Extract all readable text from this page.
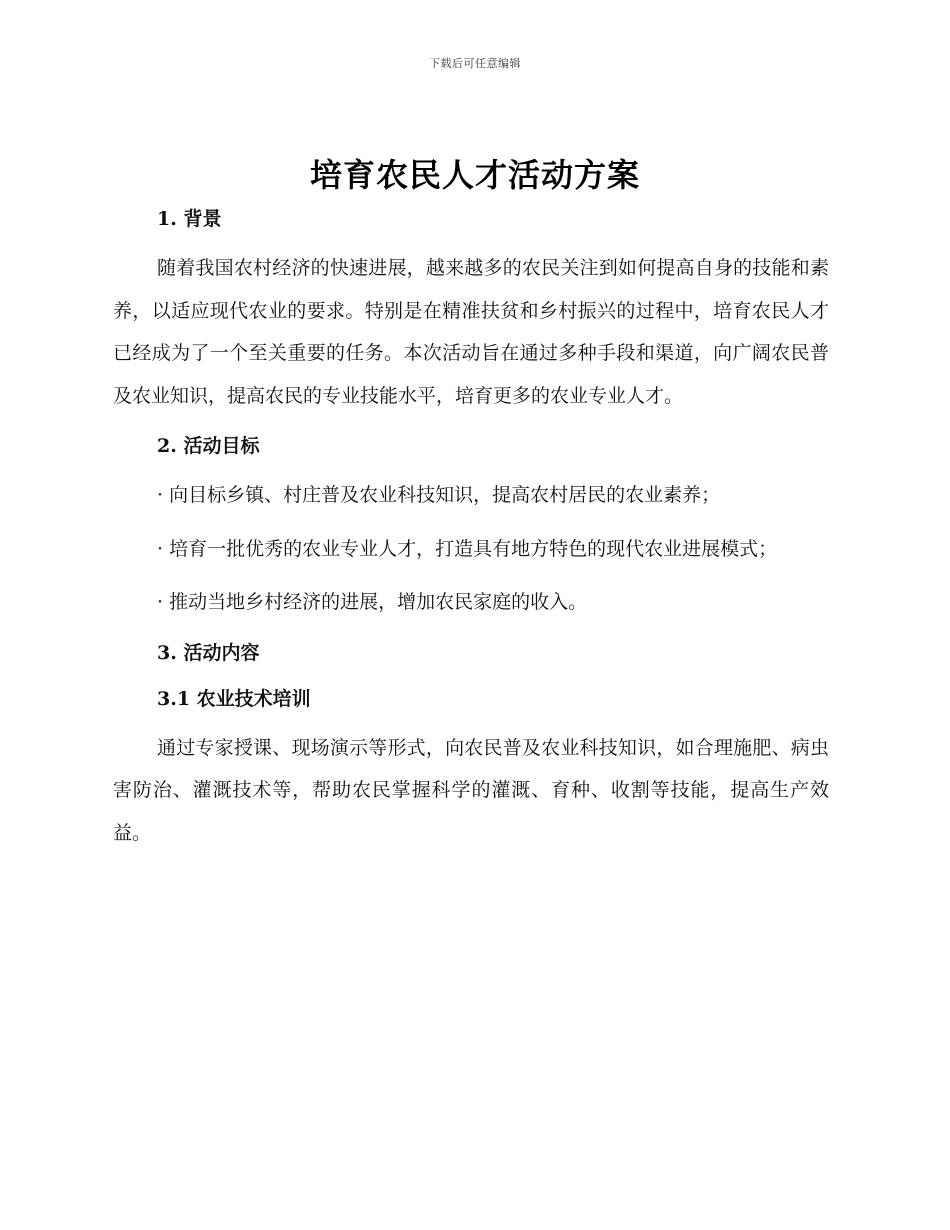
下载后可任意编辑
培育农民人才活动方案

1. 背景

随着我国农村经济的快速进展，越来越多的农民关注到如何提高自身的技能和素养，以适应现代农业的要求。特别是在精准扶贫和乡村振兴的过程中，培育农民人才已经成为了一个至关重要的任务。本次活动旨在通过多种手段和渠道，向广阔农民普及农业知识，提高农民的专业技能水平，培育更多的农业专业人才。

2. 活动目标

· 向目标乡镇、村庄普及农业科技知识，提高农村居民的农业素养；

· 培育一批优秀的农业专业人才，打造具有地方特色的现代农业进展模式；

· 推动当地乡村经济的进展，增加农民家庭的收入。

3. 活动内容

3.1 农业技术培训

通过专家授课、现场演示等形式，向农民普及农业科技知识，如合理施肥、病虫害防治、灌溉技术等，帮助农民掌握科学的灌溉、育种、收割等技能，提高生产效益。
